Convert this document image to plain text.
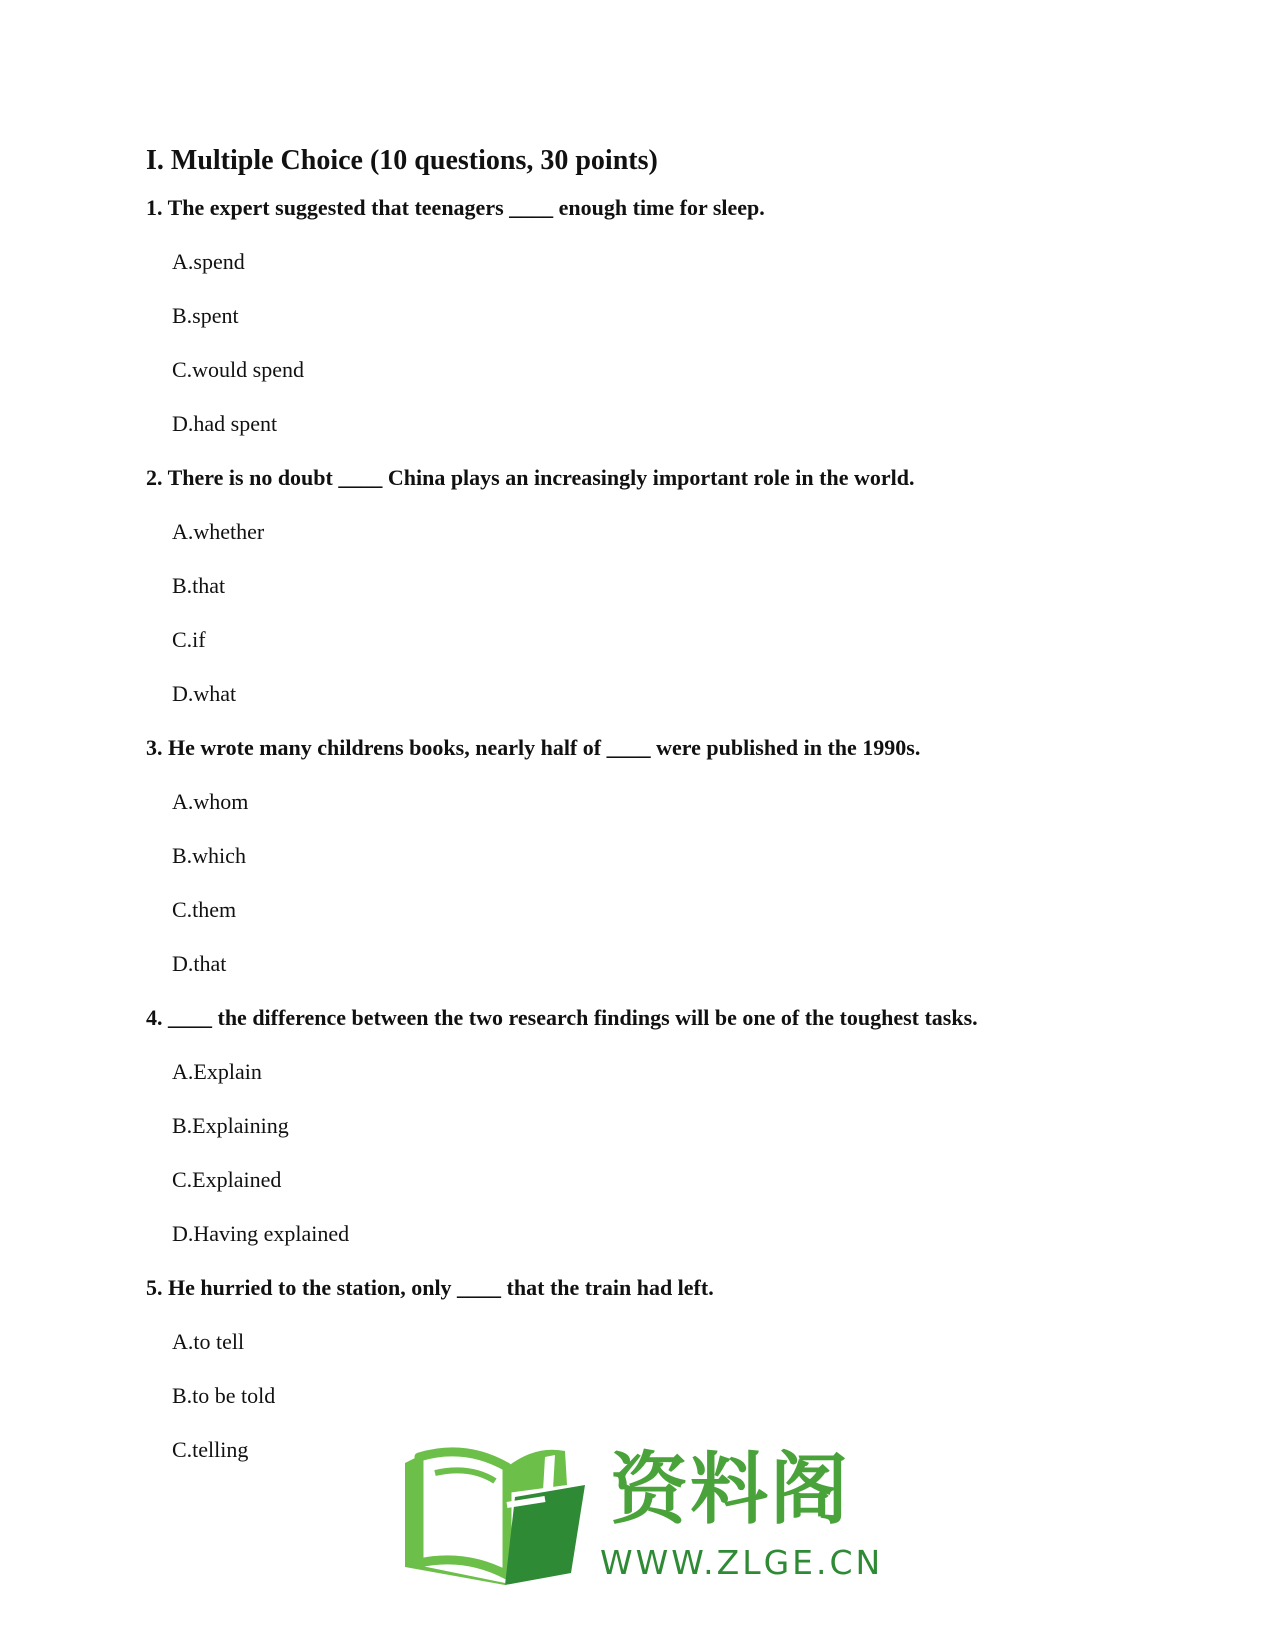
I. Multiple Choice (10 questions, 30 points)
1. The expert suggested that teenagers ____ enough time for sleep.
A.spend
B.spent
C.would spend
D.had spent
2. There is no doubt ____ China plays an increasingly important role in the world.
A.whether
B.that
C.if
D.what
3. He wrote many childrens books, nearly half of ____ were published in the 1990s.
A.whom
B.which
C.them
D.that
4. ____ the difference between the two research findings will be one of the toughest tasks.
A.Explain
B.Explaining
C.Explained
D.Having explained
5. He hurried to the station, only ____ that the train had left.
A.to tell
B.to be told
C.telling	资料阁
WWW.ZLGE.CN
